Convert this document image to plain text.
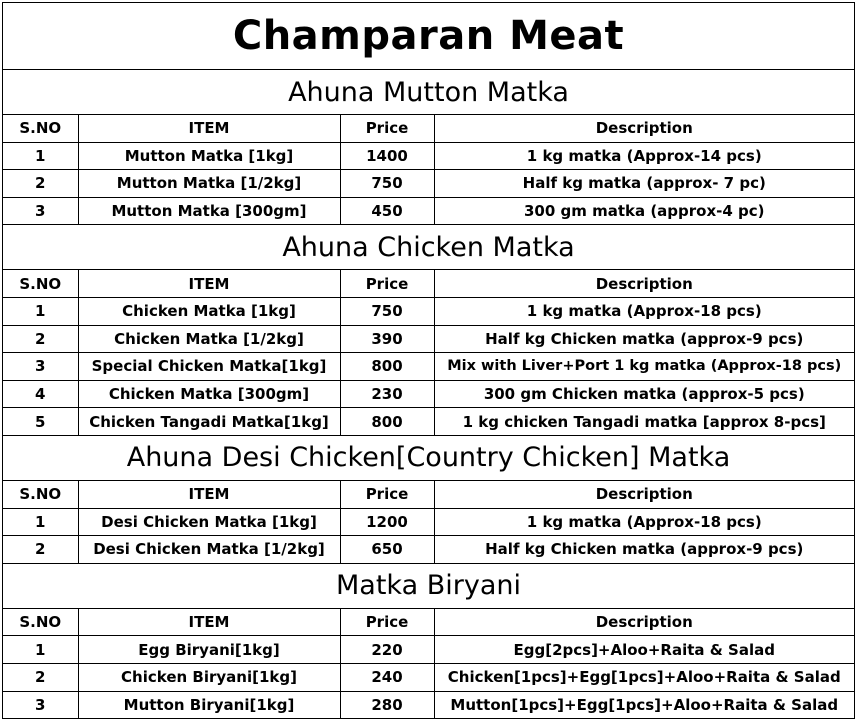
Champaran Meat
Ahuna Mutton Matka
S.NO	ITEM	Price	Description
1	Mutton Matka [1kg]	1400	1 kg matka (Approx-14 pcs)
2	Mutton Matka [1/2kg]	750	Half kg matka (approx- 7 pc)
3	Mutton Matka [300gm]	450	300 gm matka (approx-4 pc)
Ahuna Chicken Matka
S.NO	ITEM	Price	Description
1	Chicken Matka [1kg]	750	1 kg matka (Approx-18 pcs)
2	Chicken Matka [1/2kg]	390	Half kg Chicken matka (approx-9 pcs)
3	Special Chicken Matka[1kg]	800	Mix with Liver+Port 1 kg matka (Approx-18 pcs)
4	Chicken Matka [300gm]	230	300 gm Chicken matka (approx-5 pcs)
5	Chicken Tangadi Matka[1kg]	800	1 kg chicken Tangadi matka [approx 8-pcs]
Ahuna Desi Chicken[Country Chicken] Matka
S.NO	ITEM	Price	Description
1	Desi Chicken Matka [1kg]	1200	1 kg matka (Approx-18 pcs)
2	Desi Chicken Matka [1/2kg]	650	Half kg Chicken matka (approx-9 pcs)
Matka Biryani
S.NO	ITEM	Price	Description
1	Egg Biryani[1kg]	220	Egg[2pcs]+Aloo+Raita & Salad
2	Chicken Biryani[1kg]	240	Chicken[1pcs]+Egg[1pcs]+Aloo+Raita & Salad
3	Mutton Biryani[1kg]	280	Mutton[1pcs]+Egg[1pcs]+Aloo+Raita & Salad
